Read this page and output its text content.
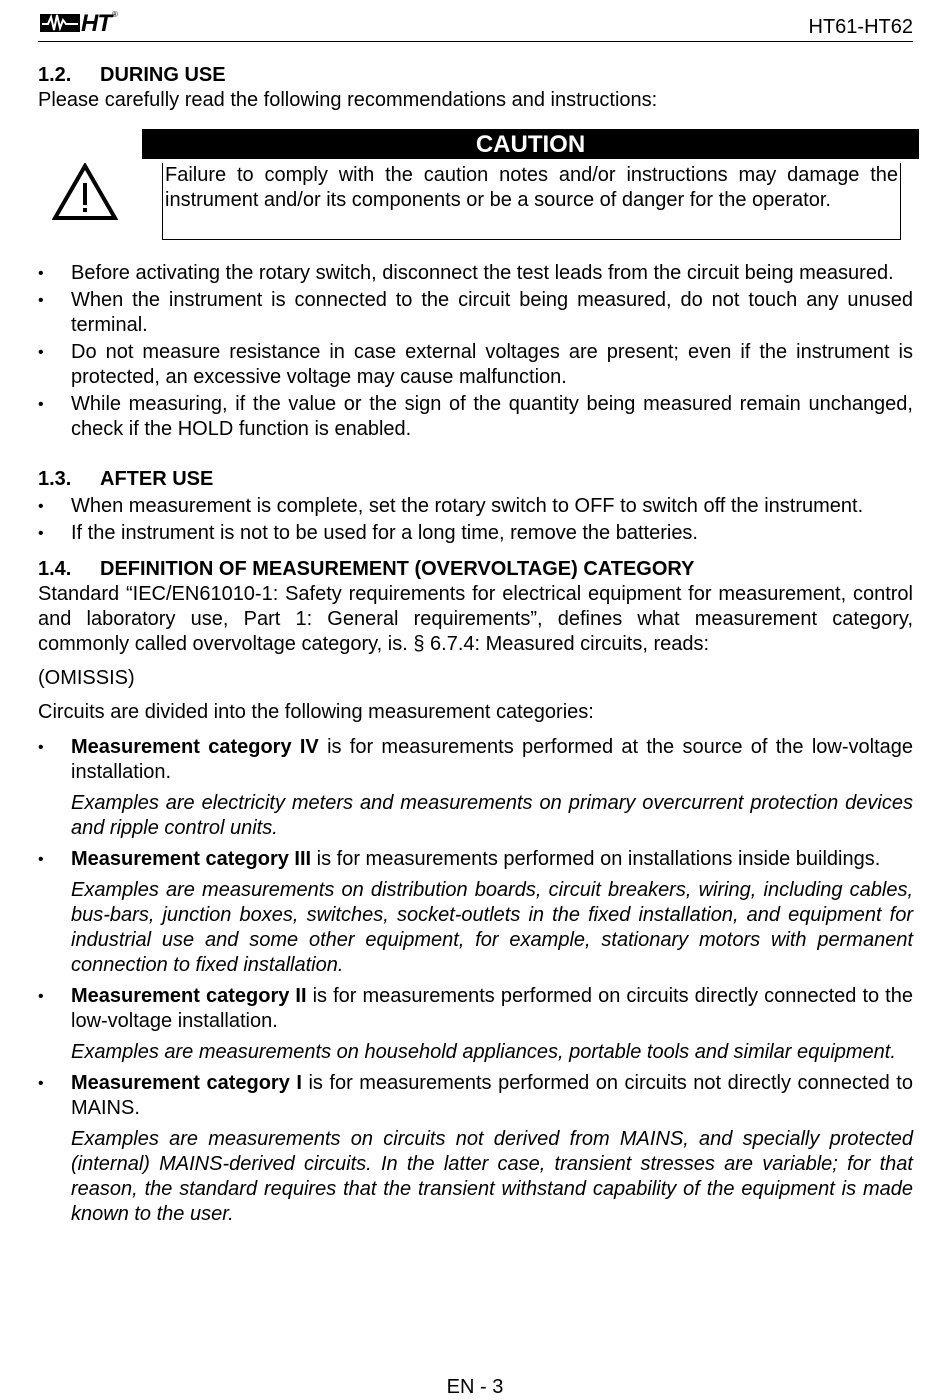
HT ®
HT61-HT62
1.2. DURING USE

Please carefully read the following recommendations and instructions:

CAUTION

Failure to comply with the caution notes and/or instructions may damage the instrument and/or its components or be a source of danger for the operator.

• Before activating the rotary switch, disconnect the test leads from the circuit being measured.
• When the instrument is connected to the circuit being measured, do not touch any unused terminal.
• Do not measure resistance in case external voltages are present; even if the instrument is protected, an excessive voltage may cause malfunction.
• While measuring, if the value or the sign of the quantity being measured remain unchanged, check if the HOLD function is enabled.
1.3. AFTER USE
• When measurement is complete, set the rotary switch to OFF to switch off the instrument.
• If the instrument is not to be used for a long time, remove the batteries.
1.4. DEFINITION OF MEASUREMENT (OVERVOLTAGE) CATEGORY

Standard “IEC/EN61010-1: Safety requirements for electrical equipment for measurement, control and laboratory use, Part 1: General requirements”, defines what measurement category, commonly called overvoltage category, is. § 6.7.4: Measured circuits, reads:

(OMISSIS)

Circuits are divided into the following measurement categories:

• Measurement category IV is for measurements performed at the source of the low-voltage installation.

Examples are electricity meters and measurements on primary overcurrent protection devices and ripple control units.

• Measurement category III is for measurements performed on installations inside buildings.

Examples are measurements on distribution boards, circuit breakers, wiring, including cables, bus-bars, junction boxes, switches, socket-outlets in the fixed installation, and equipment for industrial use and some other equipment, for example, stationary motors with permanent connection to fixed installation.

• Measurement category II is for measurements performed on circuits directly connected to the low-voltage installation.

Examples are measurements on household appliances, portable tools and similar equipment.

• Measurement category I is for measurements performed on circuits not directly connected to MAINS.

Examples are measurements on circuits not derived from MAINS, and specially protected (internal) MAINS-derived circuits. In the latter case, transient stresses are variable; for that reason, the standard requires that the transient withstand capability of the equipment is made known to the user.

EN - 3
